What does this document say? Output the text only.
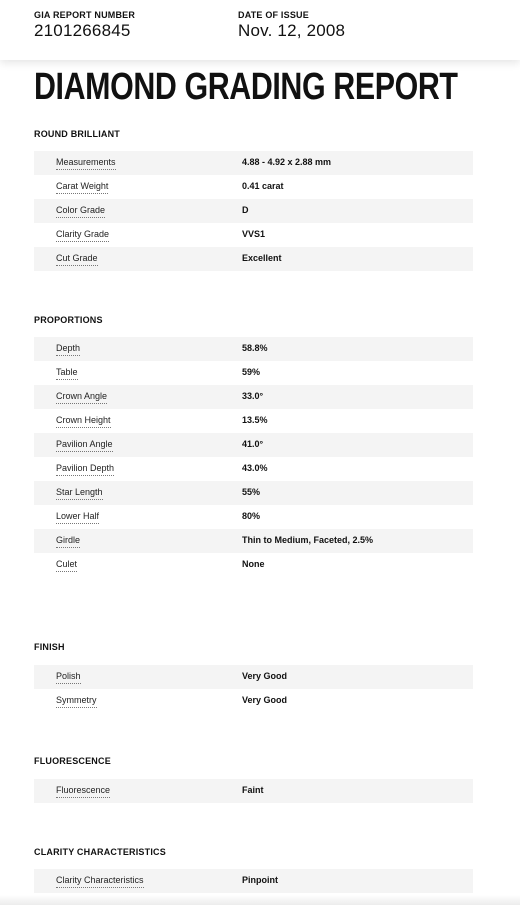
GIA REPORT NUMBER
2101266845
DATE OF ISSUE
Nov. 12, 2008
DIAMOND GRADING REPORT
ROUND BRILLIANT
Measurements	4.88 - 4.92 x 2.88 mm
Carat Weight	0.41 carat
Color Grade	D
Clarity Grade	VVS1
Cut Grade	Excellent
PROPORTIONS
Depth	58.8%
Table	59%
Crown Angle	33.0°
Crown Height	13.5%
Pavilion Angle	41.0°
Pavilion Depth	43.0%
Star Length	55%
Lower Half	80%
Girdle	Thin to Medium, Faceted, 2.5%
Culet	None
FINISH
Polish	Very Good
Symmetry	Very Good
FLUORESCENCE
Fluorescence	Faint
CLARITY CHARACTERISTICS
Clarity Characteristics	Pinpoint
